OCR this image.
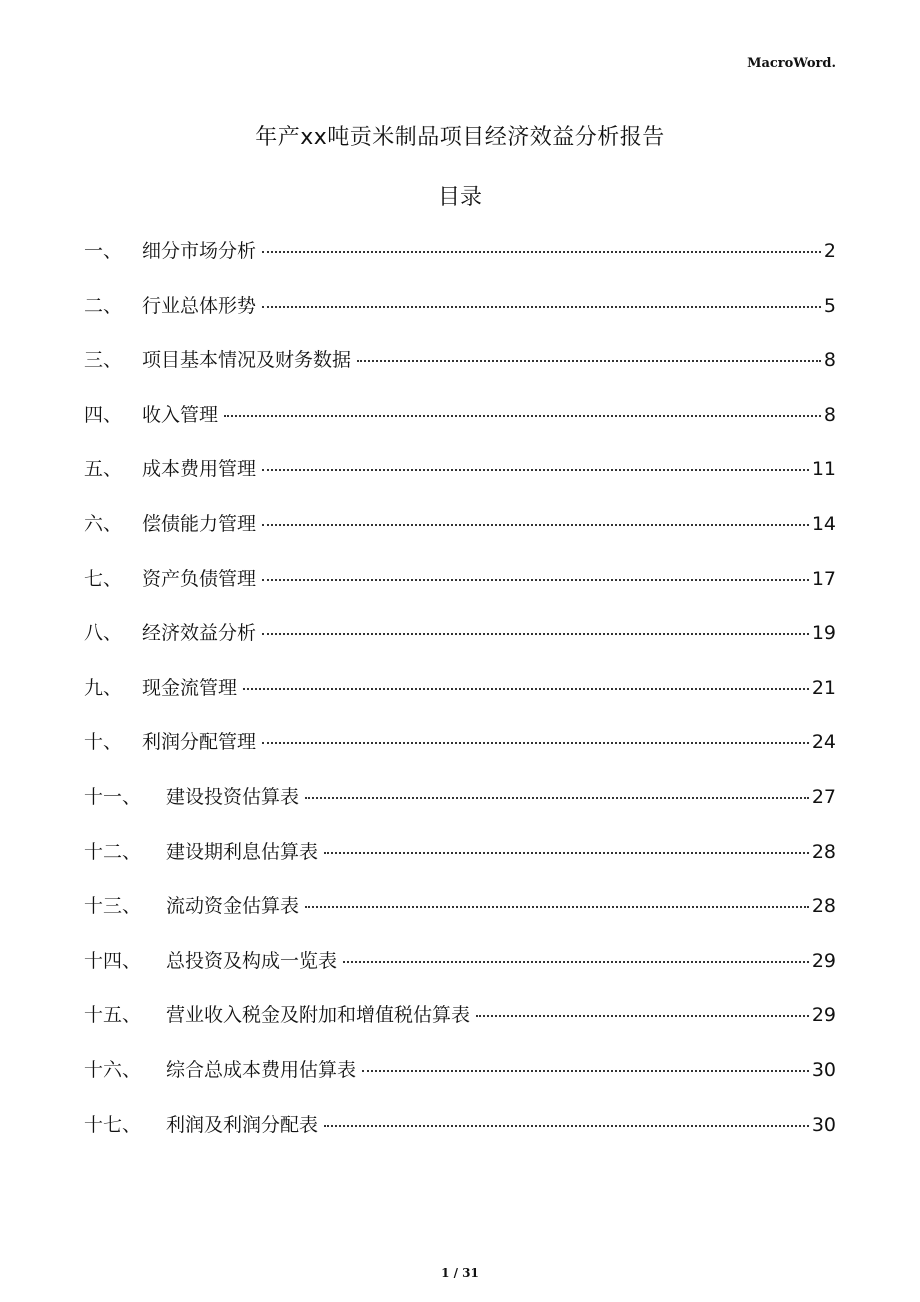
MacroWord.
年产xx吨贡米制品项目经济效益分析报告
目录
一、	细分市场分析	2
二、	行业总体形势	5
三、	项目基本情况及财务数据	8
四、	收入管理	8
五、	成本费用管理	11
六、	偿债能力管理	14
七、	资产负债管理	17
八、	经济效益分析	19
九、	现金流管理	21
十、	利润分配管理	24
十一、	建设投资估算表	27
十二、	建设期利息估算表	28
十三、	流动资金估算表	28
十四、	总投资及构成一览表	29
十五、	营业收入税金及附加和增值税估算表	29
十六、	综合总成本费用估算表	30
十七、	利润及利润分配表	30
1 / 31
